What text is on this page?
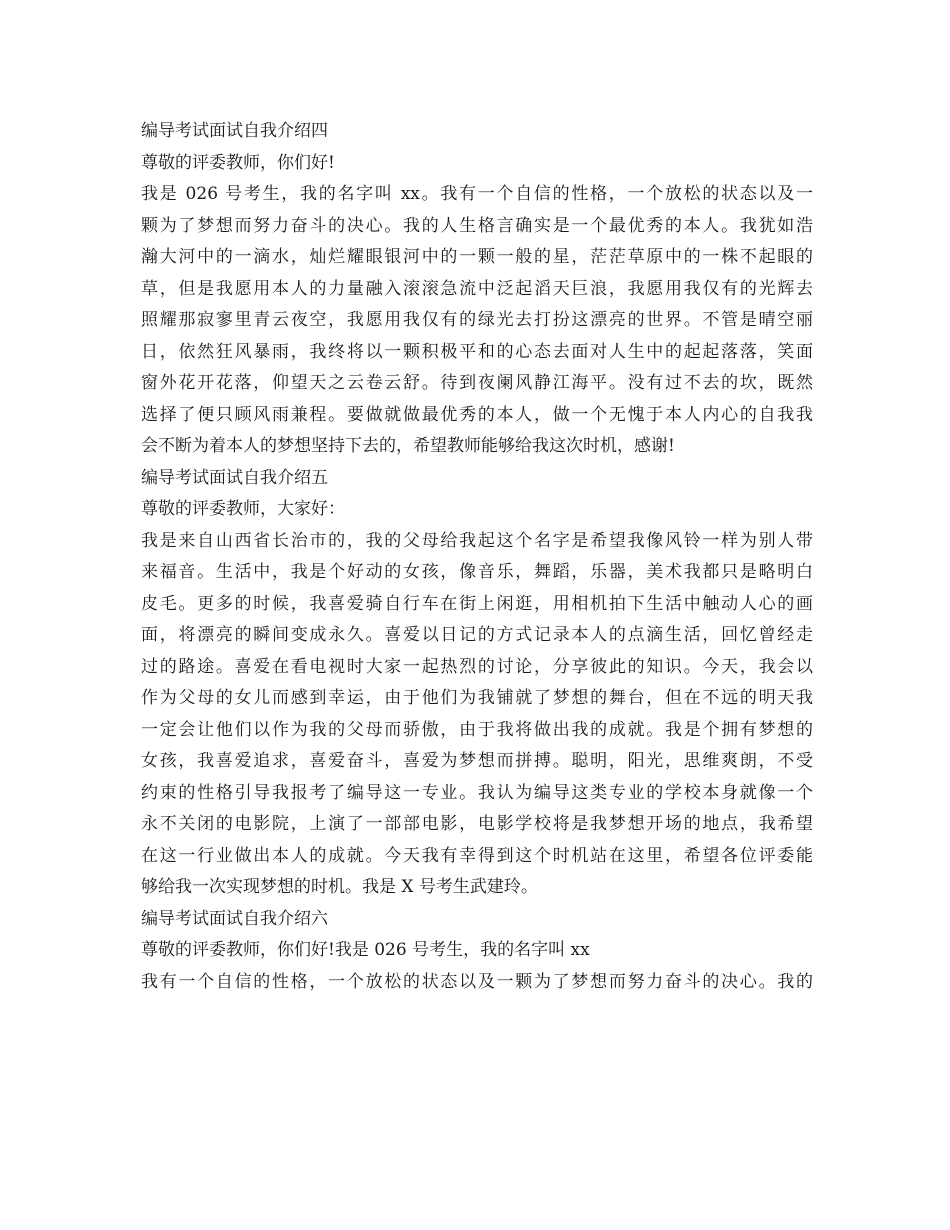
编导考试面试自我介绍四
尊敬的评委教师，你们好!
我是 026 号考生，我的名字叫 xx。我有一个自信的性格，一个放松的状态以及一
颗为了梦想而努力奋斗的决心。我的人生格言确实是一个最优秀的本人。我犹如浩
瀚大河中的一滴水，灿烂耀眼银河中的一颗一般的星，茫茫草原中的一株不起眼的
草，但是我愿用本人的力量融入滚滚急流中泛起滔天巨浪，我愿用我仅有的光辉去
照耀那寂寥里青云夜空，我愿用我仅有的绿光去打扮这漂亮的世界。不管是晴空丽
日，依然狂风暴雨，我终将以一颗积极平和的心态去面对人生中的起起落落，笑面
窗外花开花落，仰望天之云卷云舒。待到夜阑风静江海平。没有过不去的坎，既然
选择了便只顾风雨兼程。要做就做最优秀的本人，做一个无愧于本人内心的自我我
会不断为着本人的梦想坚持下去的，希望教师能够给我这次时机，感谢!
编导考试面试自我介绍五
尊敬的评委教师，大家好：
我是来自山西省长治市的，我的父母给我起这个名字是希望我像风铃一样为别人带
来福音。生活中，我是个好动的女孩，像音乐，舞蹈，乐器，美术我都只是略明白
皮毛。更多的时候，我喜爱骑自行车在街上闲逛，用相机拍下生活中触动人心的画
面，将漂亮的瞬间变成永久。喜爱以日记的方式记录本人的点滴生活，回忆曾经走
过的路途。喜爱在看电视时大家一起热烈的讨论，分享彼此的知识。今天，我会以
作为父母的女儿而感到幸运，由于他们为我铺就了梦想的舞台，但在不远的明天我
一定会让他们以作为我的父母而骄傲，由于我将做出我的成就。我是个拥有梦想的
女孩，我喜爱追求，喜爱奋斗，喜爱为梦想而拼搏。聪明，阳光，思维爽朗，不受
约束的性格引导我报考了编导这一专业。我认为编导这类专业的学校本身就像一个
永不关闭的电影院，上演了一部部电影，电影学校将是我梦想开场的地点，我希望
在这一行业做出本人的成就。今天我有幸得到这个时机站在这里，希望各位评委能
够给我一次实现梦想的时机。我是 X 号考生武建玲。
编导考试面试自我介绍六
尊敬的评委教师，你们好!我是 026 号考生，我的名字叫 xx
我有一个自信的性格，一个放松的状态以及一颗为了梦想而努力奋斗的决心。我的
